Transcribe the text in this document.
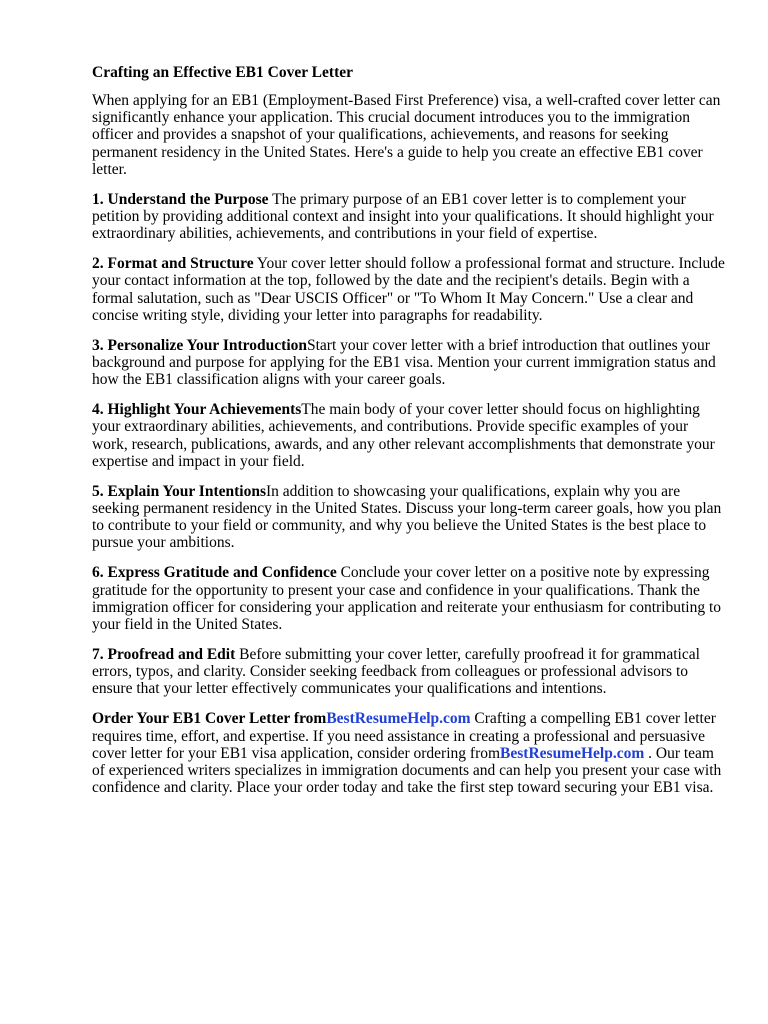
Crafting an Effective EB1 Cover Letter

When applying for an EB1 (Employment-Based First Preference) visa, a well-crafted cover letter can significantly enhance your application. This crucial document introduces you to the immigration officer and provides a snapshot of your qualifications, achievements, and reasons for seeking permanent residency in the United States. Here's a guide to help you create an effective EB1 cover letter.

1. Understand the Purpose The primary purpose of an EB1 cover letter is to complement your petition by providing additional context and insight into your qualifications. It should highlight your extraordinary abilities, achievements, and contributions in your field of expertise.

2. Format and Structure Your cover letter should follow a professional format and structure. Include your contact information at the top, followed by the date and the recipient's details. Begin with a formal salutation, such as "Dear USCIS Officer" or "To Whom It May Concern." Use a clear and concise writing style, dividing your letter into paragraphs for readability.

3. Personalize Your IntroductionStart your cover letter with a brief introduction that outlines your background and purpose for applying for the EB1 visa. Mention your current immigration status and how the EB1 classification aligns with your career goals.

4. Highlight Your AchievementsThe main body of your cover letter should focus on highlighting your extraordinary abilities, achievements, and contributions. Provide specific examples of your work, research, publications, awards, and any other relevant accomplishments that demonstrate your expertise and impact in your field.

5. Explain Your IntentionsIn addition to showcasing your qualifications, explain why you are seeking permanent residency in the United States. Discuss your long-term career goals, how you plan to contribute to your field or community, and why you believe the United States is the best place to pursue your ambitions.

6. Express Gratitude and Confidence Conclude your cover letter on a positive note by expressing gratitude for the opportunity to present your case and confidence in your qualifications. Thank the immigration officer for considering your application and reiterate your enthusiasm for contributing to your field in the United States.

7. Proofread and Edit Before submitting your cover letter, carefully proofread it for grammatical errors, typos, and clarity. Consider seeking feedback from colleagues or professional advisors to ensure that your letter effectively communicates your qualifications and intentions.

Order Your EB1 Cover Letter fromBestResumeHelp.com Crafting a compelling EB1 cover letter requires time, effort, and expertise. If you need assistance in creating a professional and persuasive cover letter for your EB1 visa application, consider ordering fromBestResumeHelp.com . Our team of experienced writers specializes in immigration documents and can help you present your case with confidence and clarity. Place your order today and take the first step toward securing your EB1 visa.
